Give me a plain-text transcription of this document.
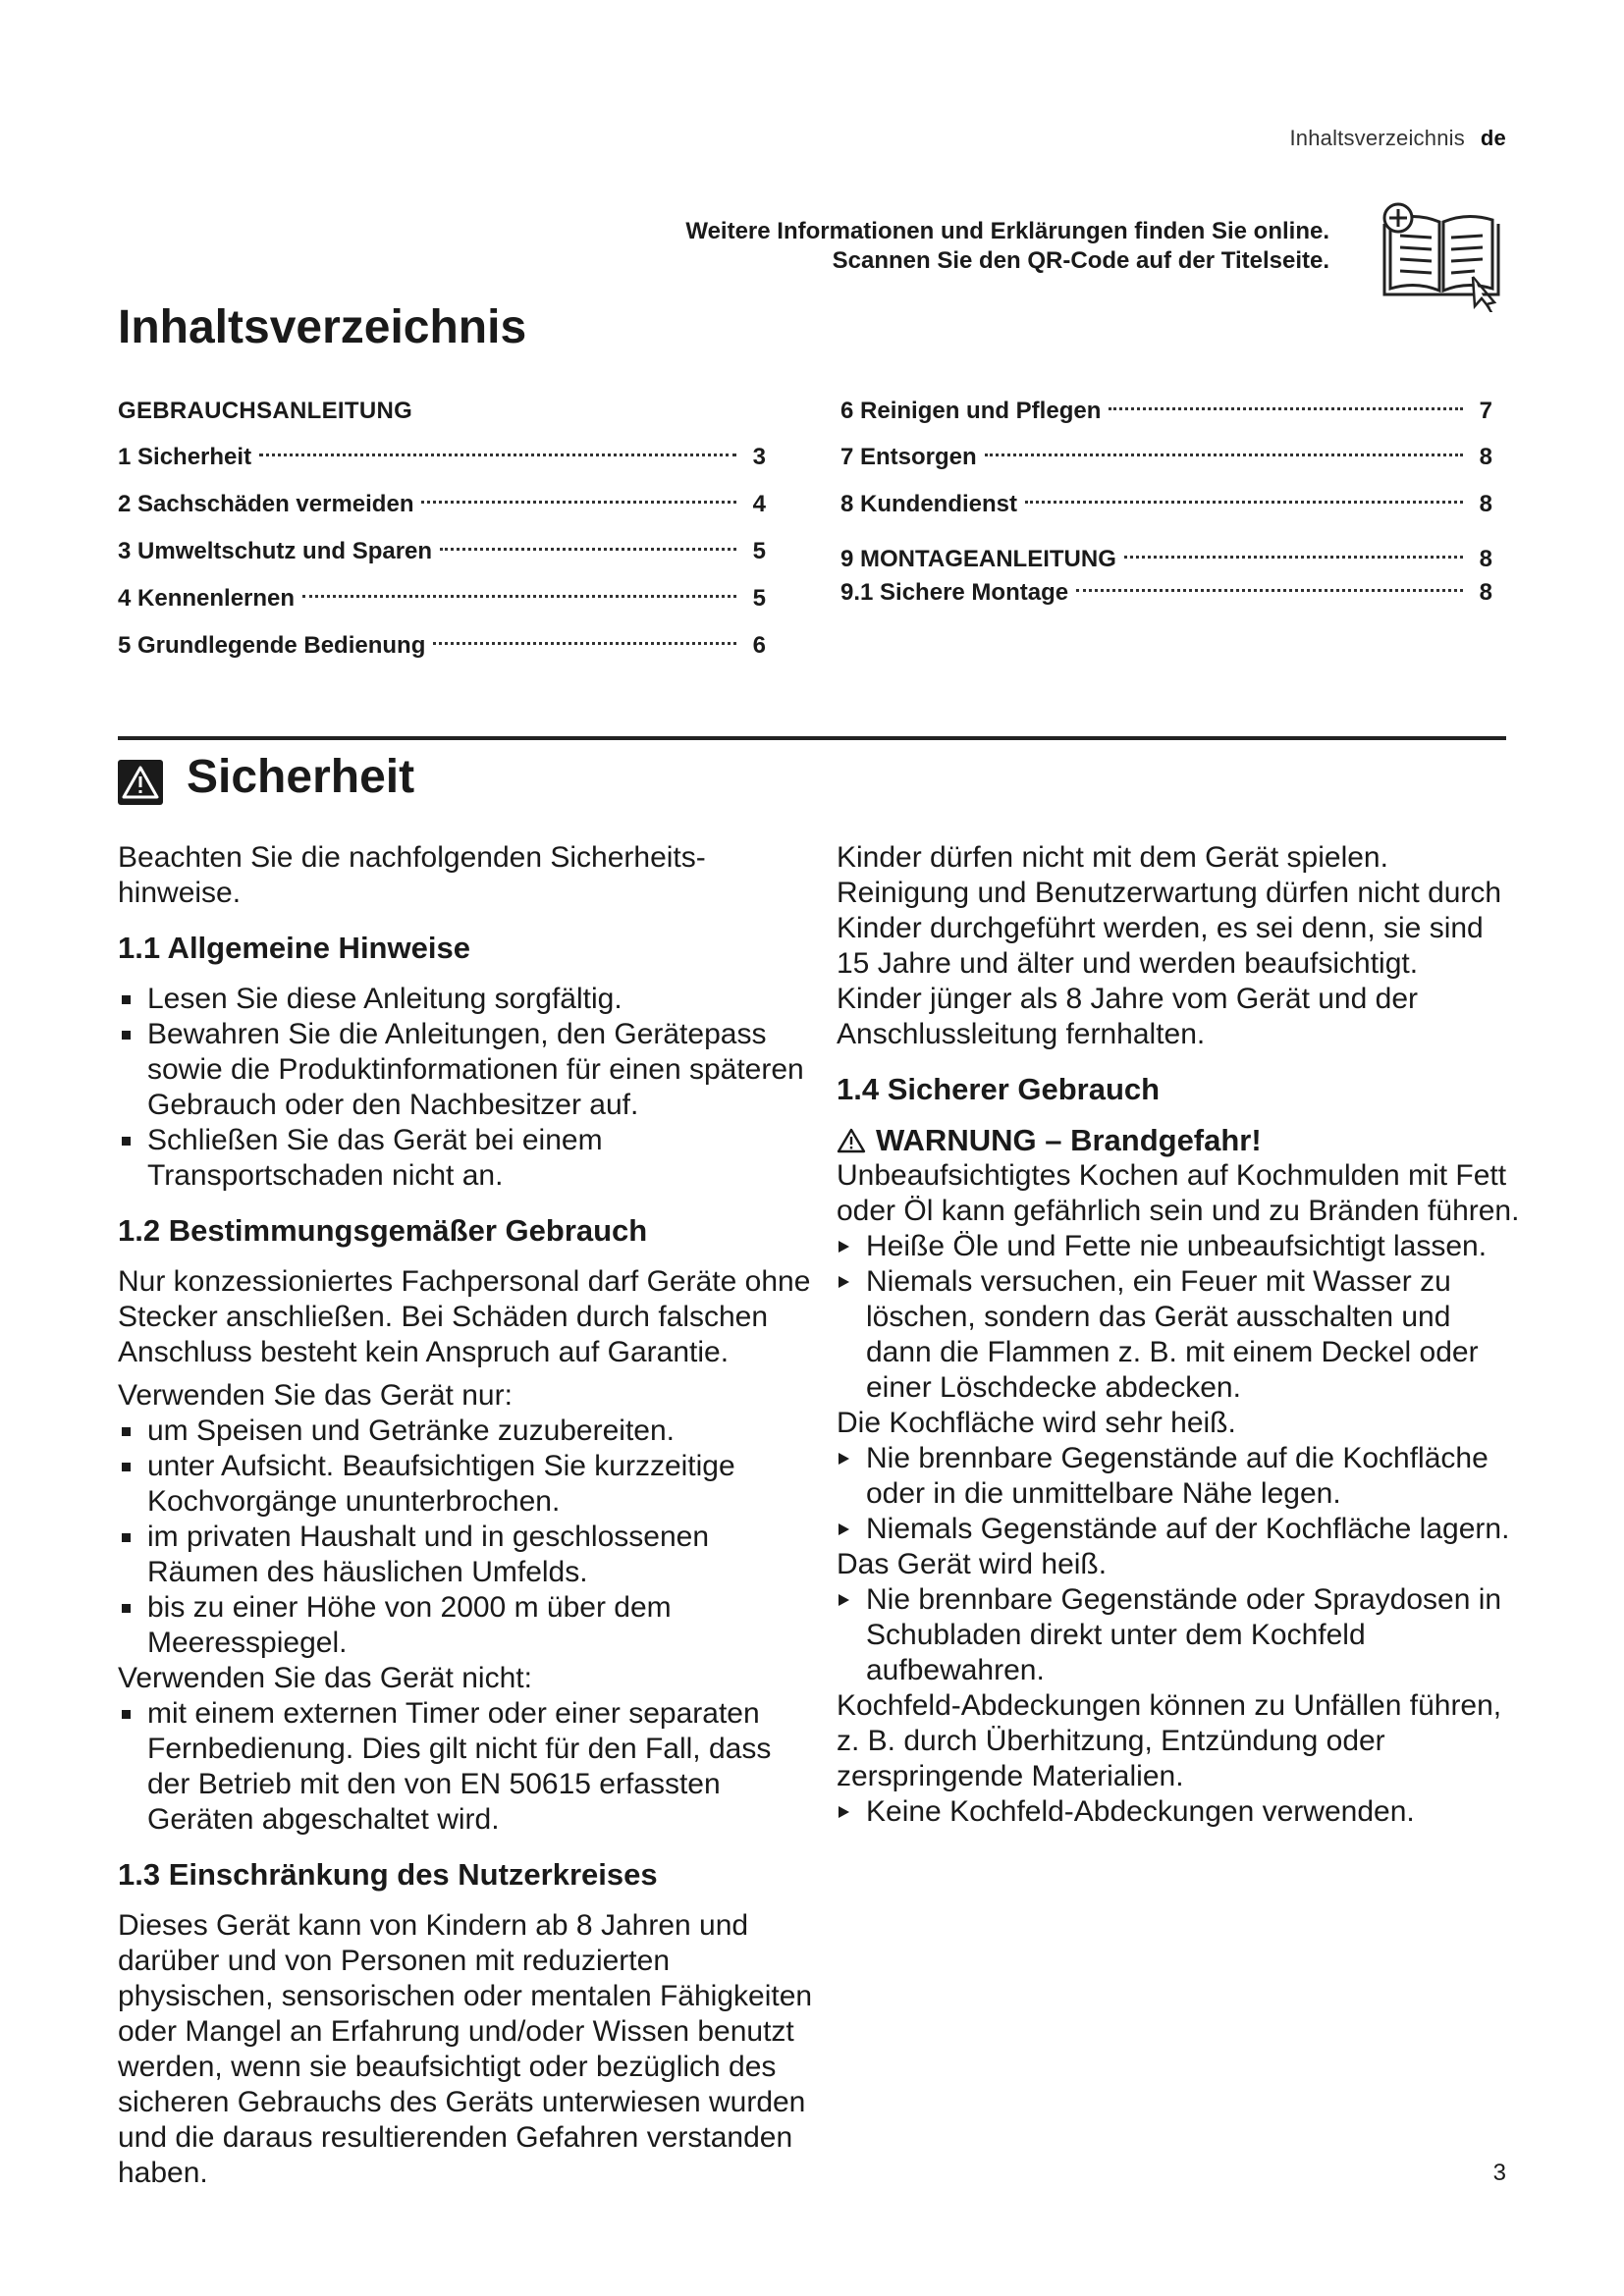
Inhaltsverzeichnis de
Weitere Informationen und Erklärungen finden Sie online.
Scannen Sie den QR-Code auf der Titelseite.
Inhaltsverzeichnis
GEBRAUCHSANLEITUNG
1 Sicherheit	3
2 Sachschäden vermeiden	4
3 Umweltschutz und Sparen	5
4 Kennenlernen	5
5 Grundlegende Bedienung	6
6 Reinigen und Pflegen	7
7 Entsorgen	8
8 Kundendienst	8
9 MONTAGEANLEITUNG	8
9.1 Sichere Montage	8
Sicherheit

Beachten Sie die nachfolgenden Sicherheits-hinweise.

1.1 Allgemeine Hinweise
Lesen Sie diese Anleitung sorgfältig.
Bewahren Sie die Anleitungen, den Gerätepass sowie die Produktinformationen für einen späteren Gebrauch oder den Nachbesitzer auf.
Schließen Sie das Gerät bei einem Transportschaden nicht an.
1.2 Bestimmungsgemäßer Gebrauch

Nur konzessioniertes Fachpersonal darf Geräte ohne Stecker anschließen. Bei Schäden durch falschen Anschluss besteht kein Anspruch auf Garantie.

Verwenden Sie das Gerät nur:

um Speisen und Getränke zuzubereiten.
unter Aufsicht. Beaufsichtigen Sie kurzzeitige Kochvorgänge ununterbrochen.
im privaten Haushalt und in geschlossenen Räumen des häuslichen Umfelds.
bis zu einer Höhe von 2000 m über dem Meeresspiegel.

Verwenden Sie das Gerät nicht:

mit einem externen Timer oder einer separaten Fernbedienung. Dies gilt nicht für den Fall, dass der Betrieb mit den von EN 50615 erfassten Geräten abgeschaltet wird.
1.3 Einschränkung des Nutzerkreises

Dieses Gerät kann von Kindern ab 8 Jahren und darüber und von Personen mit reduzierten physischen, sensorischen oder mentalen Fähigkeiten oder Mangel an Erfahrung und/oder Wissen benutzt werden, wenn sie beaufsichtigt oder bezüglich des sicheren Gebrauchs des Geräts unterwiesen wurden und die daraus resultierenden Gefahren verstanden haben.

Kinder dürfen nicht mit dem Gerät spielen.

Reinigung und Benutzerwartung dürfen nicht durch Kinder durchgeführt werden, es sei denn, sie sind 15 Jahre und älter und werden beaufsichtigt.

Kinder jünger als 8 Jahre vom Gerät und der Anschlussleitung fernhalten.

1.4 Sicherer Gebrauch
WARNUNG – Brandgefahr!

Unbeaufsichtigtes Kochen auf Kochmulden mit Fett oder Öl kann gefährlich sein und zu Bränden führen.

Heiße Öle und Fette nie unbeaufsichtigt lassen.
Niemals versuchen, ein Feuer mit Wasser zu löschen, sondern das Gerät ausschalten und dann die Flammen z. B. mit einem Deckel oder einer Löschdecke abdecken.

Die Kochfläche wird sehr heiß.

Nie brennbare Gegenstände auf die Kochfläche oder in die unmittelbare Nähe legen.
Niemals Gegenstände auf der Kochfläche lagern.

Das Gerät wird heiß.

Nie brennbare Gegenstände oder Spraydosen in Schubladen direkt unter dem Kochfeld aufbewahren.

Kochfeld-Abdeckungen können zu Unfällen führen, z. B. durch Überhitzung, Entzündung oder zerspringende Materialien.

Keine Kochfeld-Abdeckungen verwenden.
3
